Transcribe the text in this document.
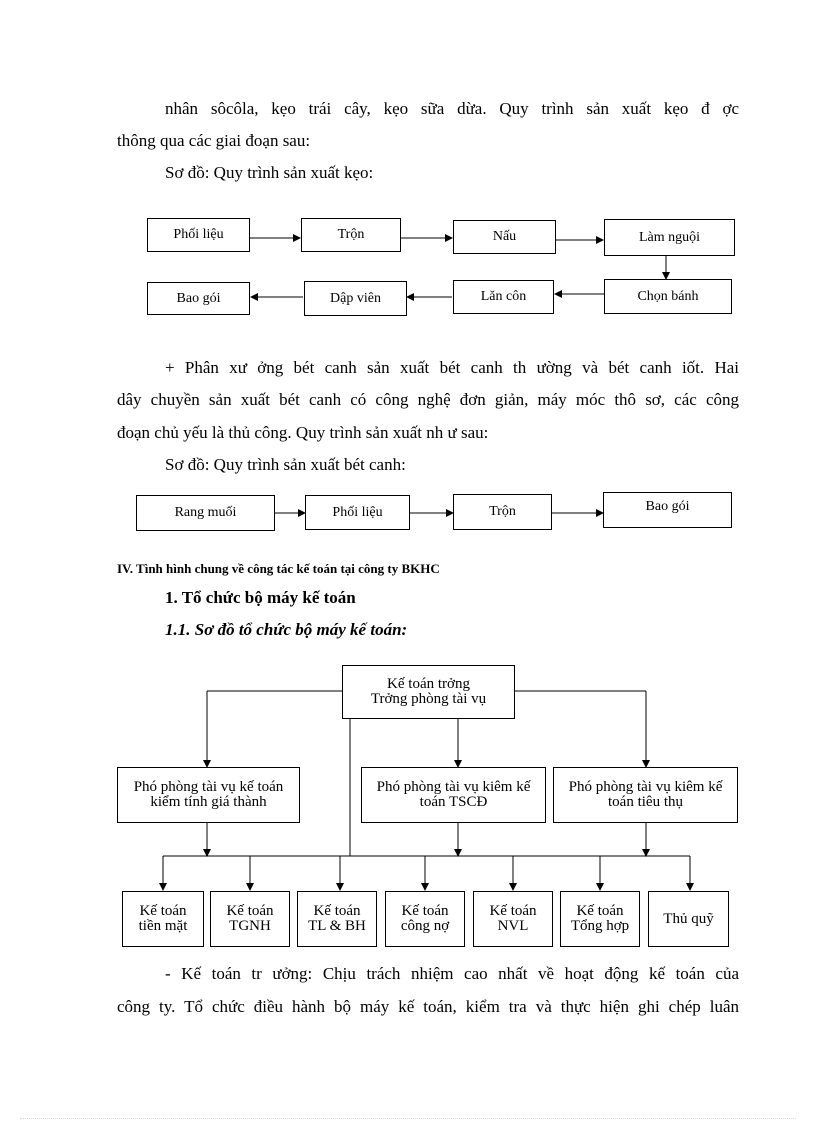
nhân sôcôla, kẹo trái cây, kẹo sữa dừa. Quy trình sản xuất kẹo đ ợc
thông qua các giai đoạn sau:
Sơ đồ: Quy trình sản xuất kẹo:
Phối liệu	Trộn	Nấu	Làm nguội
Bao gói	Dập viên	Lăn côn	Chọn bánh
+ Phân xư ởng bét canh sản xuất bét canh th ường và bét canh iốt. Hai
dây chuyền sản xuất bét canh có công nghệ đơn giản, máy móc thô sơ, các công
đoạn chủ yếu là thủ công. Quy trình sản xuất nh ư sau:
Sơ đồ: Quy trình sản xuất bét canh:
Rang muối	Phối liệu	Trộn	Bao gói
IV. Tình hình chung về công tác kế toán tại công ty BKHC
1. Tổ chức bộ máy kế toán
1.1. Sơ đồ tổ chức bộ máy kế toán:
Kế toán trởng
Trởng phòng tài vụ
Phó phòng tài vụ kế toán
kiểm tính giá thành
Phó phòng tài vụ kiêm kế
toán TSCĐ
Phó phòng tài vụ kiêm kế
toán tiêu thụ
Kế toán
tiền mặt
Kế toán
TGNH
Kế toán
TL & BH
Kế toán
công nợ
Kế toán
NVL
Kế toán
Tổng hợp Thủ quỹ
- Kế toán tr ưởng: Chịu trách nhiệm cao nhất về hoạt động kế toán của
công ty. Tổ chức điều hành bộ máy kế toán, kiểm tra và thực hiện ghi chép luân
